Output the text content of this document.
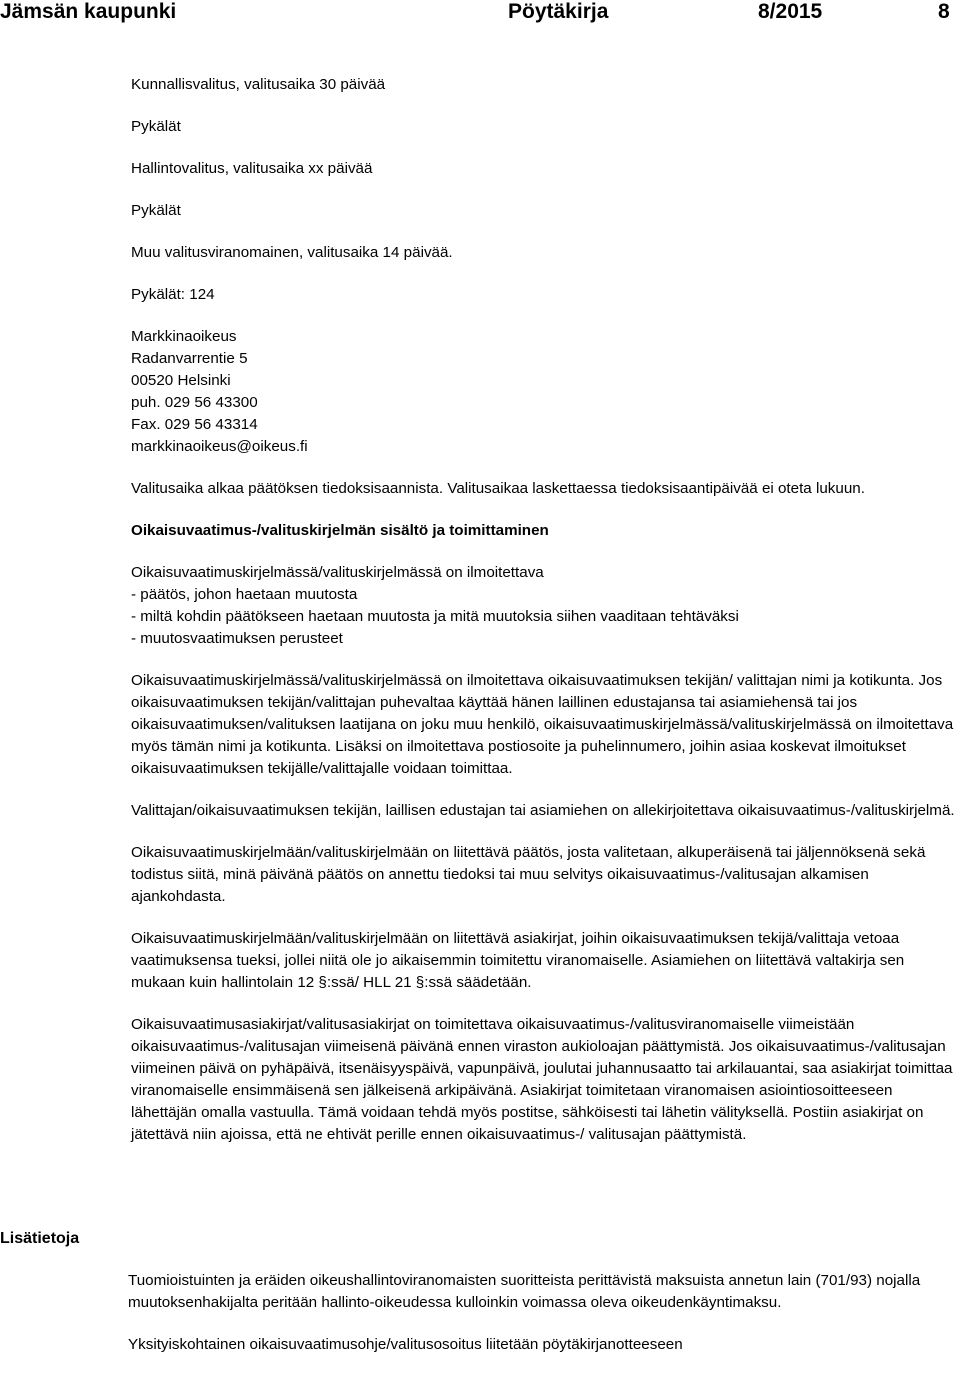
Jämsän kaupunki	Pöytäkirja	8/2015	8

Kunnallisvalitus, valitusaika 30 päivää

Pykälät

Hallintovalitus, valitusaika xx päivää

Pykälät

Muu valitusviranomainen, valitusaika 14 päivää.

Pykälät: 124

Markkinaoikeus

Radanvarrentie 5

00520 Helsinki

puh. 029 56 43300

Fax. 029 56 43314

markkinaoikeus@oikeus.fi

Valitusaika alkaa päätöksen tiedoksisaannista. Valitusaikaa laskettaessa tiedoksisaantipäivää ei oteta lukuun.

Oikaisuvaatimus-/valituskirjelmän sisältö ja toimittaminen

Oikaisuvaatimuskirjelmässä/valituskirjelmässä on ilmoitettava

- päätös, johon haetaan muutosta

- miltä kohdin päätökseen haetaan muutosta ja mitä muutoksia siihen vaaditaan tehtäväksi

- muutosvaatimuksen perusteet

Oikaisuvaatimuskirjelmässä/valituskirjelmässä on ilmoitettava oikaisuvaatimuksen tekijän/ valittajan nimi ja kotikunta. Jos oikaisuvaatimuksen tekijän/valittajan puhevaltaa käyttää hänen laillinen edustajansa tai asiamiehensä tai jos oikaisuvaatimuksen/valituksen laatijana on joku muu henkilö, oikaisuvaatimuskirjelmässä/valituskirjelmässä on ilmoitettava myös tämän nimi ja kotikunta. Lisäksi on ilmoitettava postiosoite ja puhelinnumero, joihin asiaa koskevat ilmoitukset oikaisuvaatimuksen tekijälle/valittajalle voidaan toimittaa.

Valittajan/oikaisuvaatimuksen tekijän, laillisen edustajan tai asiamiehen on allekirjoitettava oikaisuvaatimus-/valituskirjelmä.

Oikaisuvaatimuskirjelmään/valituskirjelmään on liitettävä päätös, josta valitetaan, alkuperäisenä tai jäljennöksenä sekä todistus siitä, minä päivänä päätös on annettu tiedoksi tai muu selvitys oikaisuvaatimus-/valitusajan alkamisen ajankohdasta.

Oikaisuvaatimuskirjelmään/valituskirjelmään on liitettävä asiakirjat, joihin oikaisuvaatimuksen tekijä/valittaja vetoaa vaatimuksensa tueksi, jollei niitä ole jo aikaisemmin toimitettu viranomaiselle. Asiamiehen on liitettävä valtakirja sen mukaan kuin hallintolain 12 §:ssä/ HLL 21 §:ssä säädetään.

Oikaisuvaatimusasiakirjat/valitusasiakirjat on toimitettava oikaisuvaatimus-/valitusviranomaiselle viimeistään oikaisuvaatimus-/valitusajan viimeisenä päivänä ennen viraston aukioloajan päättymistä. Jos oikaisuvaatimus-/valitusajan viimeinen päivä on pyhäpäivä, itsenäisyyspäivä, vapunpäivä, joulutai juhannusaatto tai arkilauantai, saa asiakirjat toimittaa viranomaiselle ensimmäisenä sen jälkeisenä arkipäivänä. Asiakirjat toimitetaan viranomaisen asiointiosoitteeseen lähettäjän omalla vastuulla. Tämä voidaan tehdä myös postitse, sähköisesti tai lähetin välityksellä. Postiin asiakirjat on jätettävä niin ajoissa, että ne ehtivät perille ennen oikaisuvaatimus-/ valitusajan päättymistä.

Lisätietoja

Tuomioistuinten ja eräiden oikeushallintoviranomaisten suoritteista perittävistä maksuista annetun lain (701/93) nojalla muutoksenhakijalta peritään hallinto-oikeudessa kulloinkin voimassa oleva oikeudenkäyntimaksu.

Yksityiskohtainen oikaisuvaatimusohje/valitusosoitus liitetään pöytäkirjanotteeseen
